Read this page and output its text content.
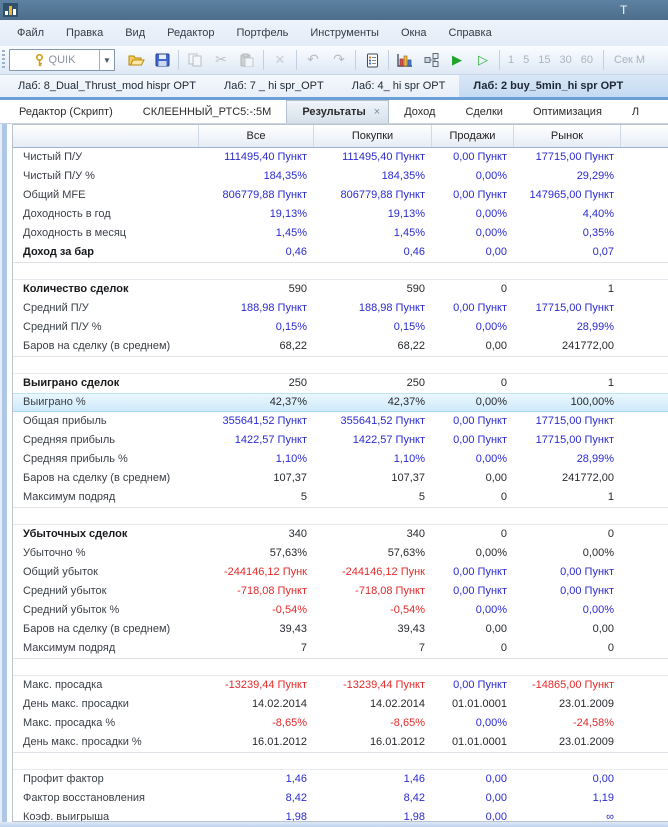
T
Файл	Правка	Вид	Редактор	Портфель	Инструменты	Окна	Справка
QUIK	▼	✂	✕ ↶ ↷	▶ ▷ 1 5 15 30 60 Сек М
Лаб: 8_Dual_Thrust_mod hispr OPT	Лаб: 7 _ hi spr_OPT	Лаб: 4_ hi spr OPT	Лаб: 2 buy_5min_hi spr OPT
Редактор (Скрипт)	СКЛЕЕННЫЙ_РТС5:-:5М	Результаты ×	Доход	Сделки	Оптимизация	Л
Все	Покупки	Продажи	Рынок
Чистый П/У	111495,40 Пункт	111495,40 Пункт	0,00 Пункт	17715,00 Пункт
Чистый П/У %	184,35%	184,35%	0,00%	29,29%
Общий MFE	806779,88 Пункт	806779,88 Пункт	0,00 Пункт	147965,00 Пункт
Доходность в год	19,13%	19,13%	0,00%	4,40%
Доходность в месяц	1,45%	1,45%	0,00%	0,35%
Доход за бар	0,46	0,46	0,00	0,07
Количество сделок	590	590	0	1
Средний П/У	188,98 Пункт	188,98 Пункт	0,00 Пункт	17715,00 Пункт
Средний П/У %	0,15%	0,15%	0,00%	28,99%
Баров на сделку (в среднем)	68,22	68,22	0,00	241772,00
Выиграно сделок	250	250	0	1
Выиграно %	42,37%	42,37%	0,00%	100,00%
Общая прибыль	355641,52 Пункт	355641,52 Пункт	0,00 Пункт	17715,00 Пункт
Средняя прибыль	1422,57 Пункт	1422,57 Пункт	0,00 Пункт	17715,00 Пункт
Средняя прибыль %	1,10%	1,10%	0,00%	28,99%
Баров на сделку (в среднем)	107,37	107,37	0,00	241772,00
Максимум подряд	5	5	0	1
Убыточных сделок	340	340	0	0
Убыточно %	57,63%	57,63%	0,00%	0,00%
Общий убыток	-244146,12 Пунк	-244146,12 Пунк	0,00 Пункт	0,00 Пункт
Средний убыток	-718,08 Пункт	-718,08 Пункт	0,00 Пункт	0,00 Пункт
Средний убыток %	-0,54%	-0,54%	0,00%	0,00%
Баров на сделку (в среднем)	39,43	39,43	0,00	0,00
Максимум подряд	7	7	0	0
Макс. просадка	-13239,44 Пункт	-13239,44 Пункт	0,00 Пункт	-14865,00 Пункт
День макс. просадки	14.02.2014	14.02.2014	01.01.0001	23.01.2009
Макс. просадка %	-8,65%	-8,65%	0,00%	-24,58%
День макс. просадки %	16.01.2012	16.01.2012	01.01.0001	23.01.2009
Профит фактор	1,46	1,46	0,00	0,00
Фактор восстановления	8,42	8,42	0,00	1,19
Коэф. выигрыша	1,98	1,98	0,00	∞
